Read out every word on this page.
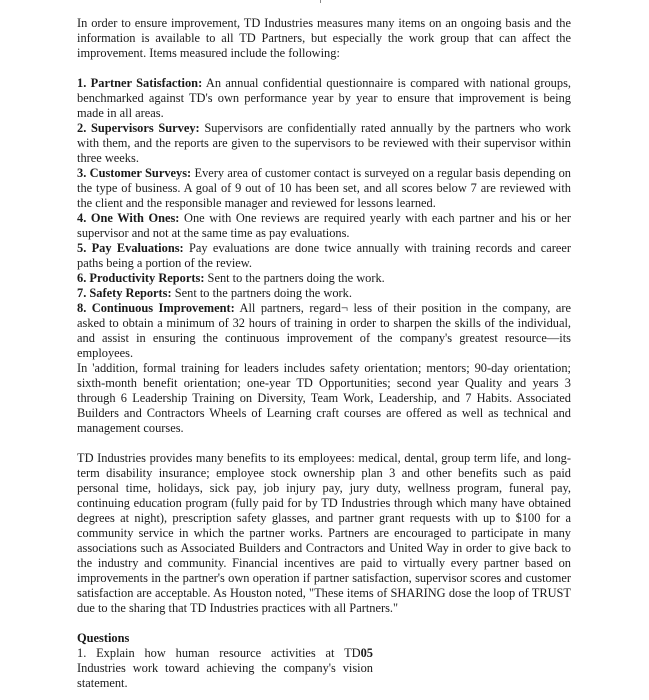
In order to ensure improvement, TD Industries measures many items on an ongoing basis and the information is available to all TD Partners, but especially the work group that can affect the improvement. Items measured include the following:

1. Partner Satisfaction: An annual confidential questionnaire is compared with national groups, benchmarked against TD's own performance year by year to ensure that improvement is being made in all areas.

2. Supervisors Survey: Supervisors are confidentially rated annually by the partners who work with them, and the reports are given to the supervisors to be reviewed with their supervisor within three weeks.

3. Customer Surveys: Every area of customer contact is surveyed on a regular basis depending on the type of business. A goal of 9 out of 10 has been set, and all scores below 7 are reviewed with the client and the responsible manager and reviewed for lessons learned.

4. One With Ones: One with One reviews are required yearly with each partner and his or her supervisor and not at the same time as pay evaluations.

5. Pay Evaluations: Pay evaluations are done twice annually with training records and career paths being a portion of the review.

6. Productivity Reports: Sent to the partners doing the work.

7. Safety Reports: Sent to the partners doing the work.

8. Continuous Improvement: All partners, regard¬ less of their position in the company, are asked to obtain a minimum of 32 hours of training in order to sharpen the skills of the individual, and assist in ensuring the continuous improvement of the company's greatest resource—its employees.

In 'addition, formal training for leaders includes safety orientation; mentors; 90-day orientation; sixth-month benefit orientation; one-year TD Opportunities; second year Quality and years 3 through 6 Leadership Training on Diversity, Team Work, Leadership, and 7 Habits. Associated Builders and Contractors Wheels of Learning craft courses are offered as well as technical and management courses.

TD Industries provides many benefits to its employees: medical, dental, group term life, and long-term disability insurance; employee stock ownership plan 3 and other benefits such as paid personal time, holidays, sick pay, job injury pay, jury duty, wellness program, funeral pay, continuing education program (fully paid for by TD Industries through which many have obtained degrees at night), prescription safety glasses, and partner grant requests with up to $100 for a community service in which the partner works. Partners are encouraged to participate in many associations such as Associated Builders and Contractors and United Way in order to give back to the industry and community. Financial incentives are paid to virtually every partner based on improvements in the partner's own operation if partner satisfaction, supervisor scores and customer satisfaction are acceptable. As Houston noted, "These items of SHARING dose the loop of TRUST due to the sharing that TD Industries practices with all Partners."

Questions

1. Explain how human resource activities at TD05 Industries work toward achieving the company's vision statement.
